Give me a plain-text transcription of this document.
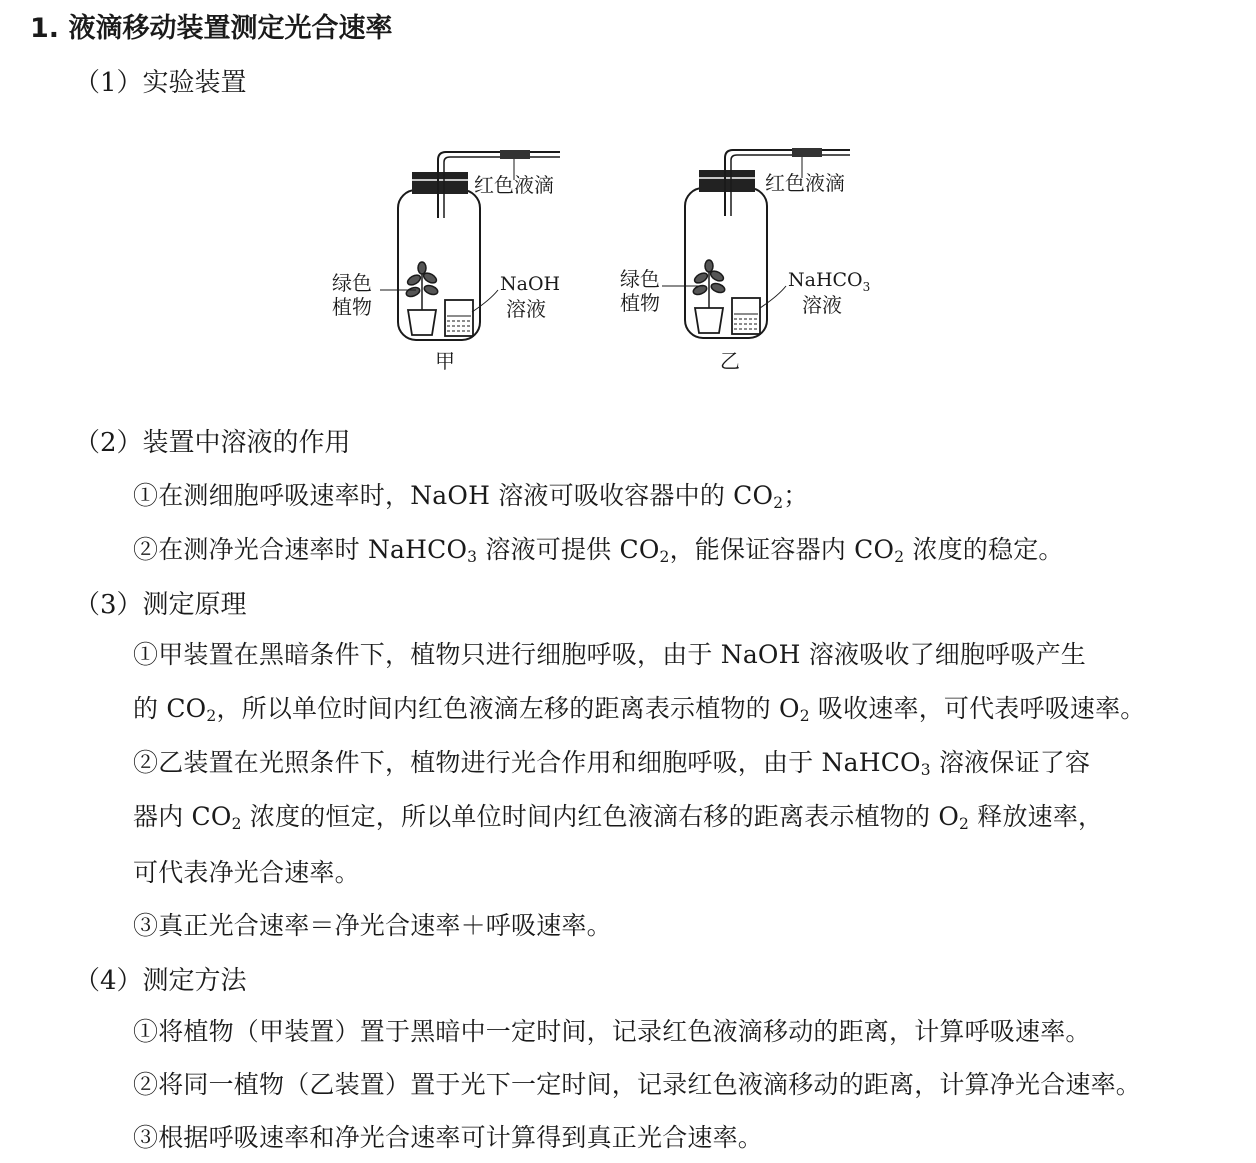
1. 液滴移动装置测定光合速率
（1）实验装置
红色液滴
绿色
植物
NaOH
溶液
甲
红色液滴
绿色
植物
NaHCO$_3$
溶液
乙
（2）装置中溶液的作用
①在测细胞呼吸速率时，NaOH 溶液可吸收容器中的 $CO_2$；
②在测净光合速率时 NaHCO$_3$ 溶液可提供 $CO_2$，能保证容器内 $CO_2$ 浓度的稳定。
（3）测定原理
①甲装置在黑暗条件下，植物只进行细胞呼吸，由于 NaOH 溶液吸收了细胞呼吸产生
的 $CO_2$，所以单位时间内红色液滴左移的距离表示植物的 $O_2$ 吸收速率，可代表呼吸速率。
②乙装置在光照条件下，植物进行光合作用和细胞呼吸，由于 NaHCO$_3$ 溶液保证了容
器内 $CO_2$ 浓度的恒定，所以单位时间内红色液滴右移的距离表示植物的 $O_2$ 释放速率，
可代表净光合速率。
③真正光合速率＝净光合速率＋呼吸速率。
（4）测定方法
①将植物（甲装置）置于黑暗中一定时间，记录红色液滴移动的距离，计算呼吸速率。
②将同一植物（乙装置）置于光下一定时间，记录红色液滴移动的距离，计算净光合速率。
③根据呼吸速率和净光合速率可计算得到真正光合速率。
